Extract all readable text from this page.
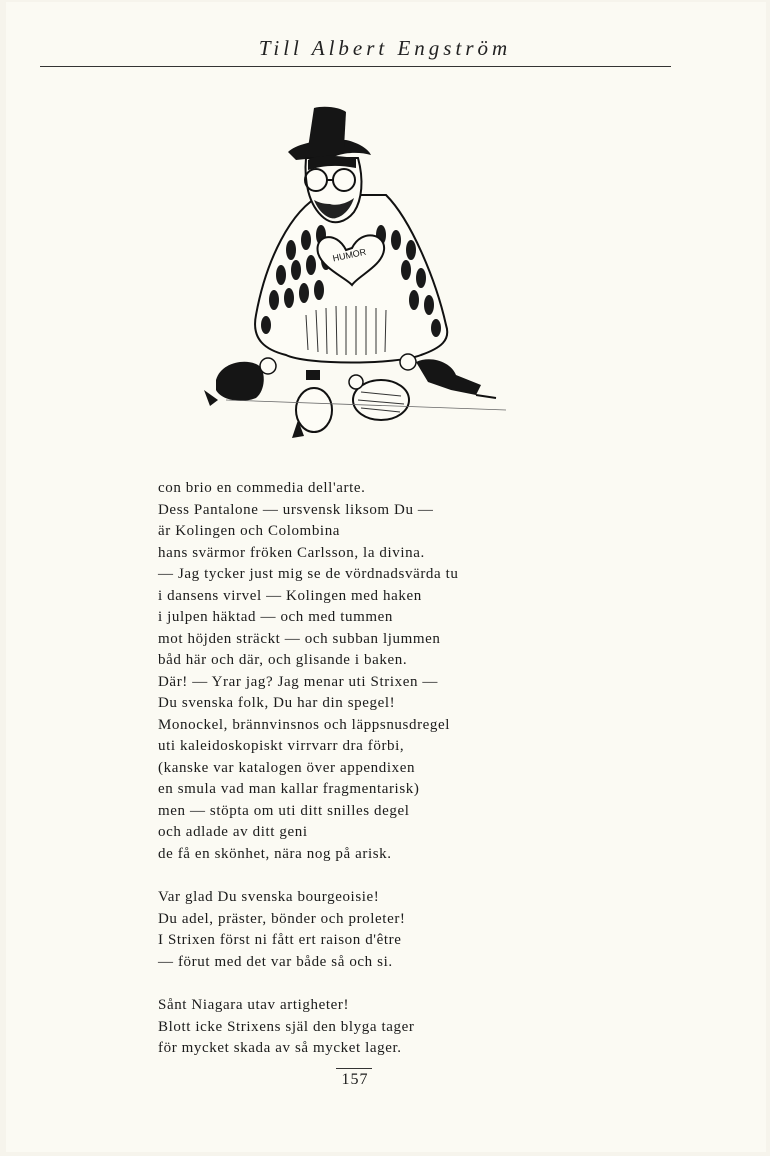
Till Albert Engström
HUMOR
con brio en commedia dell'arte.
Dess Pantalone — ursvensk liksom Du —
är Kolingen och Colombina
hans svärmor fröken Carlsson, la divina.
— Jag tycker just mig se de vördnadsvärda tu
i dansens virvel — Kolingen med haken
i julpen häktad — och med tummen
mot höjden sträckt — och subban ljummen
båd här och där, och glisande i baken.
Där! — Yrar jag? Jag menar uti Strixen —
Du svenska folk, Du har din spegel!
Monockel, brännvinsnos och läppsnusdregel
uti kaleidoskopiskt virrvarr dra förbi,
(kanske var katalogen över appendixen
en smula vad man kallar fragmentarisk)
men — stöpta om uti ditt snilles degel
och adlade av ditt geni
de få en skönhet, nära nog på arisk.
Var glad Du svenska bourgeoisie!
Du adel, präster, bönder och proleter!
I Strixen först ni fått ert raison d'être
— förut med det var både så och si.
Sånt Niagara utav artigheter!
Blott icke Strixens själ den blyga tager
för mycket skada av så mycket lager.
157
